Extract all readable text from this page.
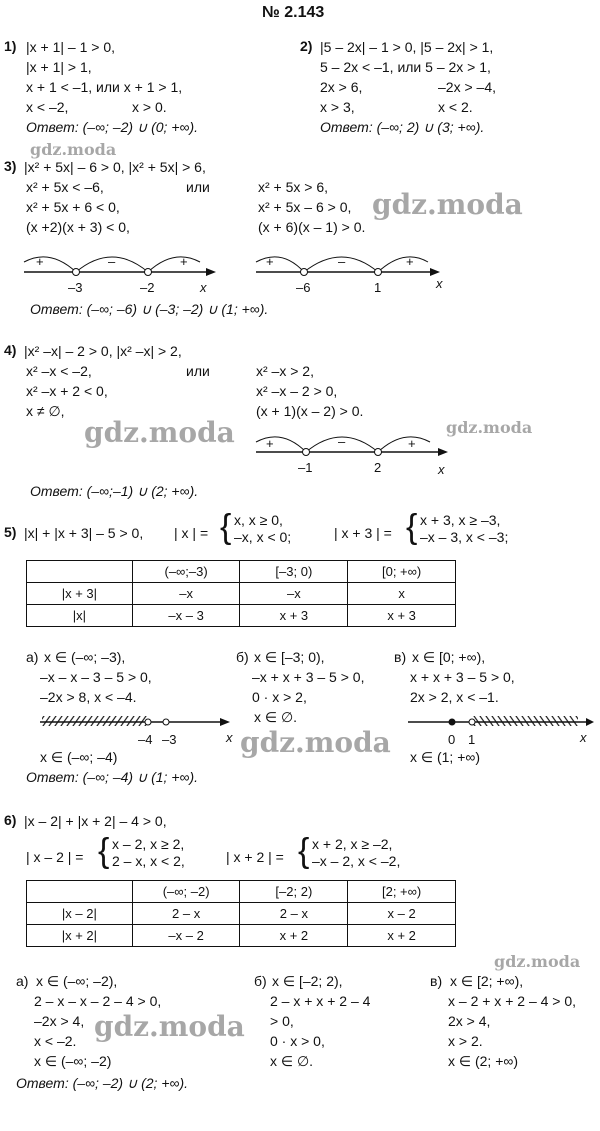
№ 2.143
1) |x + 1| – 1 > 0,
|x + 1| > 1,
x + 1 < –1, или x + 1 > 1,
x < –2,	x > 0.
Ответ: (–∞; –2) ∪ (0; +∞).
2) |5 – 2x| – 1 > 0, |5 – 2x| > 1,
5 – 2x < –1, или 5 – 2x > 1,
2x > 6,	–2x > –4,
x > 3,	x < 2.
Ответ: (–∞; 2) ∪ (3; +∞).
gdz.moda
3) |x² + 5x| – 6 > 0, |x² + 5x| > 6,
x² + 5x < –6,	или	x² + 5x > 6,
x² + 5x + 6 < 0,	x² + 5x – 6 > 0,
(x +2)(x + 3) < 0,	(x + 6)(x – 1) > 0.
+	–	+
–3	–2	x
+	–	+
–6	1	x
Ответ: (–∞; –6) ∪ (–3; –2) ∪ (1; +∞).
gdz.moda
4) |x² –x| – 2 > 0, |x² –x| > 2,
x² –x < –2,	или	x² –x > 2,
x² –x + 2 < 0,	x² –x – 2 > 0,
x ≠ ∅,	(x + 1)(x – 2) > 0.
+	–	+
–1	2	x
Ответ: (–∞;–1) ∪ (2; +∞).
gdz.moda	gdz.moda
5) |x| + |x + 3| – 5 > 0, | x | = { x, x ≥ 0,
–x, x < 0;	| x + 3 | = { x + 3, x ≥ –3,
–x – 3, x < –3;
	(–∞;–3)	[–3; 0)	[0; +∞)
|x + 3|	–x	–x	x
|x|	–x – 3	x + 3	x + 3
а) x ∈ (–∞; –3),
–x – x – 3 – 5 > 0,
–2x > 8, x < –4.
–4 –3	x
x ∈ (–∞; –4)
б) x ∈ [–3; 0),
–x + x + 3 – 5 > 0,
0 · x > 2,
x ∈ ∅.
в) x ∈ [0; +∞),
x + x + 3 – 5 > 0,
2x > 2, x < –1.
0 1	x
x ∈ (1; +∞)
Ответ: (–∞; –4) ∪ (1; +∞).
gdz.moda
6) |x – 2| + |x + 2| – 4 > 0,
| x – 2 | = { x – 2, x ≥ 2,
2 – x, x < 2,	| x + 2 | = { x + 2, x ≥ –2,
–x – 2, x < –2,
	(–∞; –2)	[–2; 2)	[2; +∞)
|x – 2|	2 – x	2 – x	x – 2
|x + 2|	–x – 2	x + 2	x + 2
а) x ∈ (–∞; –2),
2 – x – x – 2 – 4 > 0,
–2x > 4,
x < –2.
x ∈ (–∞; –2)
б) x ∈ [–2; 2),
2 – x + x + 2 – 4
> 0,
0 · x > 0,
x ∈ ∅.
в) x ∈ [2; +∞),
x – 2 + x + 2 – 4 > 0,
2x > 4,
x > 2.
x ∈ (2; +∞)
Ответ: (–∞; –2) ∪ (2; +∞).
gdz.moda
gdz.moda
